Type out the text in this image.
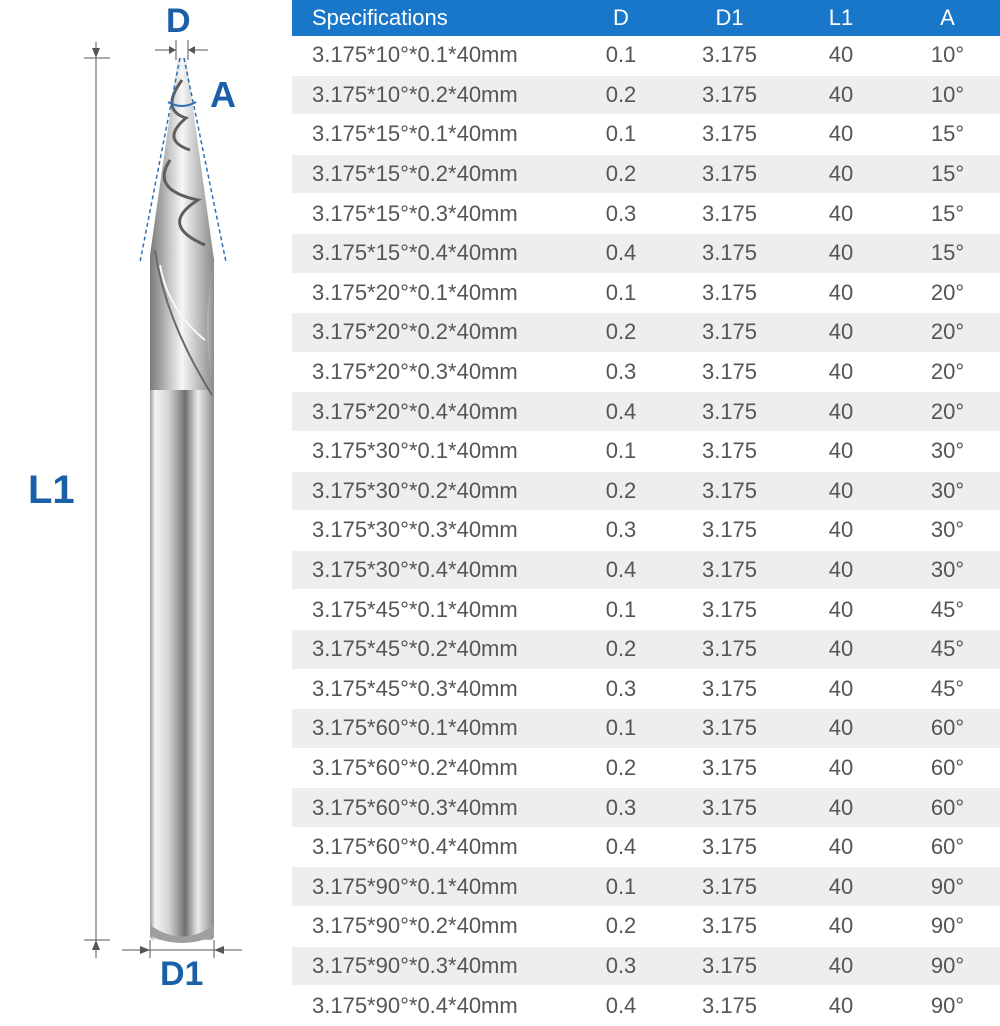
D
A
L1
D1
Specifications	D	D1	L1	A
3.175*10°*0.1*40mm	0.1	3.175	40	10°
3.175*10°*0.2*40mm	0.2	3.175	40	10°
3.175*15°*0.1*40mm	0.1	3.175	40	15°
3.175*15°*0.2*40mm	0.2	3.175	40	15°
3.175*15°*0.3*40mm	0.3	3.175	40	15°
3.175*15°*0.4*40mm	0.4	3.175	40	15°
3.175*20°*0.1*40mm	0.1	3.175	40	20°
3.175*20°*0.2*40mm	0.2	3.175	40	20°
3.175*20°*0.3*40mm	0.3	3.175	40	20°
3.175*20°*0.4*40mm	0.4	3.175	40	20°
3.175*30°*0.1*40mm	0.1	3.175	40	30°
3.175*30°*0.2*40mm	0.2	3.175	40	30°
3.175*30°*0.3*40mm	0.3	3.175	40	30°
3.175*30°*0.4*40mm	0.4	3.175	40	30°
3.175*45°*0.1*40mm	0.1	3.175	40	45°
3.175*45°*0.2*40mm	0.2	3.175	40	45°
3.175*45°*0.3*40mm	0.3	3.175	40	45°
3.175*60°*0.1*40mm	0.1	3.175	40	60°
3.175*60°*0.2*40mm	0.2	3.175	40	60°
3.175*60°*0.3*40mm	0.3	3.175	40	60°
3.175*60°*0.4*40mm	0.4	3.175	40	60°
3.175*90°*0.1*40mm	0.1	3.175	40	90°
3.175*90°*0.2*40mm	0.2	3.175	40	90°
3.175*90°*0.3*40mm	0.3	3.175	40	90°
3.175*90°*0.4*40mm	0.4	3.175	40	90°
